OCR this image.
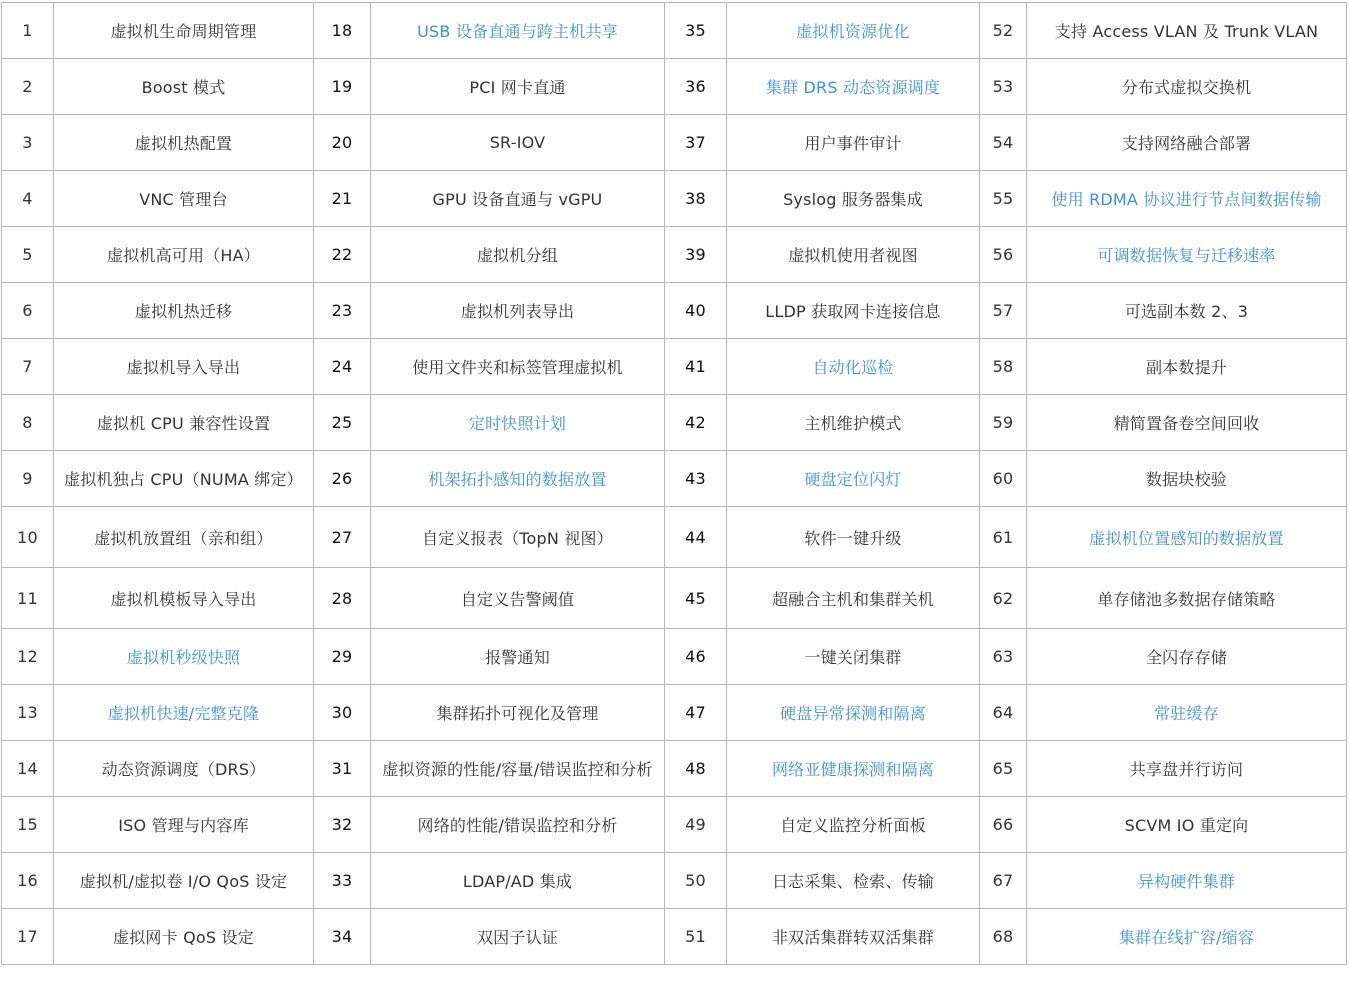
1	虚拟机生命周期管理	18	USB 设备直通与跨主机共享	35	虚拟机资源优化	52	支持 Access VLAN 及 Trunk VLAN
2	Boost 模式	19	PCI 网卡直通	36	集群 DRS 动态资源调度	53	分布式虚拟交换机
3	虚拟机热配置	20	SR-IOV	37	用户事件审计	54	支持网络融合部署
4	VNC 管理台	21	GPU 设备直通与 vGPU	38	Syslog 服务器集成	55	使用 RDMA 协议进行节点间数据传输
5	虚拟机高可用（HA）	22	虚拟机分组	39	虚拟机使用者视图	56	可调数据恢复与迁移速率
6	虚拟机热迁移	23	虚拟机列表导出	40	LLDP 获取网卡连接信息	57	可选副本数 2、3
7	虚拟机导入导出	24	使用文件夹和标签管理虚拟机	41	自动化巡检	58	副本数提升
8	虚拟机 CPU 兼容性设置	25	定时快照计划	42	主机维护模式	59	精简置备卷空间回收
9	虚拟机独占 CPU（NUMA 绑定）	26	机架拓扑感知的数据放置	43	硬盘定位闪灯	60	数据块校验
10	虚拟机放置组（亲和组）	27	自定义报表（TopN 视图）	44	软件一键升级	61	虚拟机位置感知的数据放置
11	虚拟机模板导入导出	28	自定义告警阈值	45	超融合主机和集群关机	62	单存储池多数据存储策略
12	虚拟机秒级快照	29	报警通知	46	一键关闭集群	63	全闪存存储
13	虚拟机快速/完整克隆	30	集群拓扑可视化及管理	47	硬盘异常探测和隔离	64	常驻缓存
14	动态资源调度（DRS）	31	虚拟资源的性能/容量/错误监控和分析	48	网络亚健康探测和隔离	65	共享盘并行访问
15	ISO 管理与内容库	32	网络的性能/错误监控和分析	49	自定义监控分析面板	66	SCVM IO 重定向
16	虚拟机/虚拟卷 I/O QoS 设定	33	LDAP/AD 集成	50	日志采集、检索、传输	67	异构硬件集群
17	虚拟网卡 QoS 设定	34	双因子认证	51	非双活集群转双活集群	68	集群在线扩容/缩容
